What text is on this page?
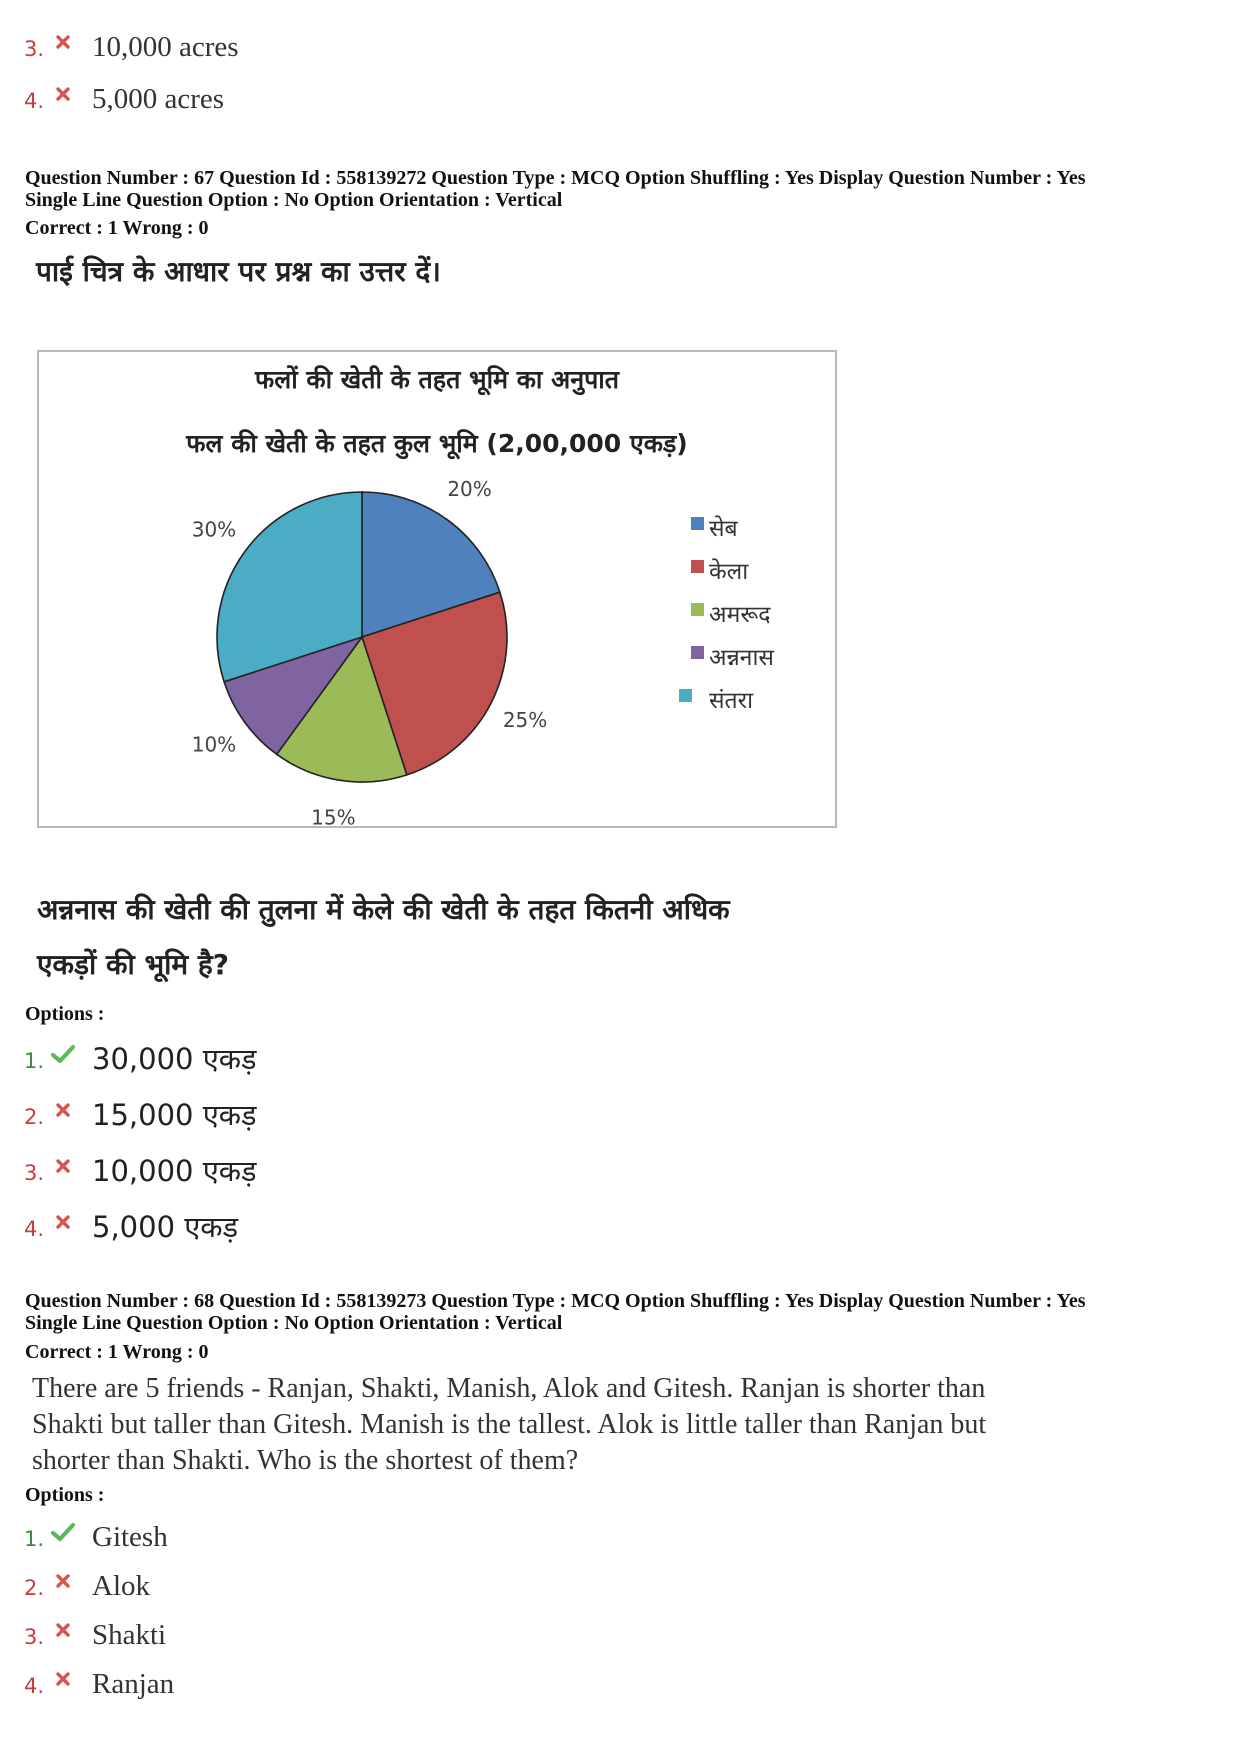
3. 10,000 acres
4. 5,000 acres
Question Number : 67 Question Id : 558139272 Question Type : MCQ Option Shuffling : Yes Display Question Number : Yes
Single Line Question Option : No Option Orientation : Vertical
Correct : 1 Wrong : 0
पाई चित्र के आधार पर प्रश्न का उत्तर दें।
फलों की खेती के तहत भूमि का अनुपात
फल की खेती के तहत कुल भूमि (2,00,000 एकड़)
20%
25%
15%
10%
30%	सेब
केला
अमरूद
अन्ननास
संतरा
अन्ननास की खेती की तुलना में केले की खेती के तहत कितनी अधिक
एकड़ों की भूमि है?
Options :
1. 30,000 एकड़
2. 15,000 एकड़
3. 10,000 एकड़
4. 5,000 एकड़
Question Number : 68 Question Id : 558139273 Question Type : MCQ Option Shuffling : Yes Display Question Number : Yes
Single Line Question Option : No Option Orientation : Vertical
Correct : 1 Wrong : 0
There are 5 friends - Ranjan, Shakti, Manish, Alok and Gitesh. Ranjan is shorter than
Shakti but taller than Gitesh. Manish is the tallest. Alok is little taller than Ranjan but
shorter than Shakti. Who is the shortest of them?
Options :
1. Gitesh
2. Alok
3. Shakti
4. Ranjan
